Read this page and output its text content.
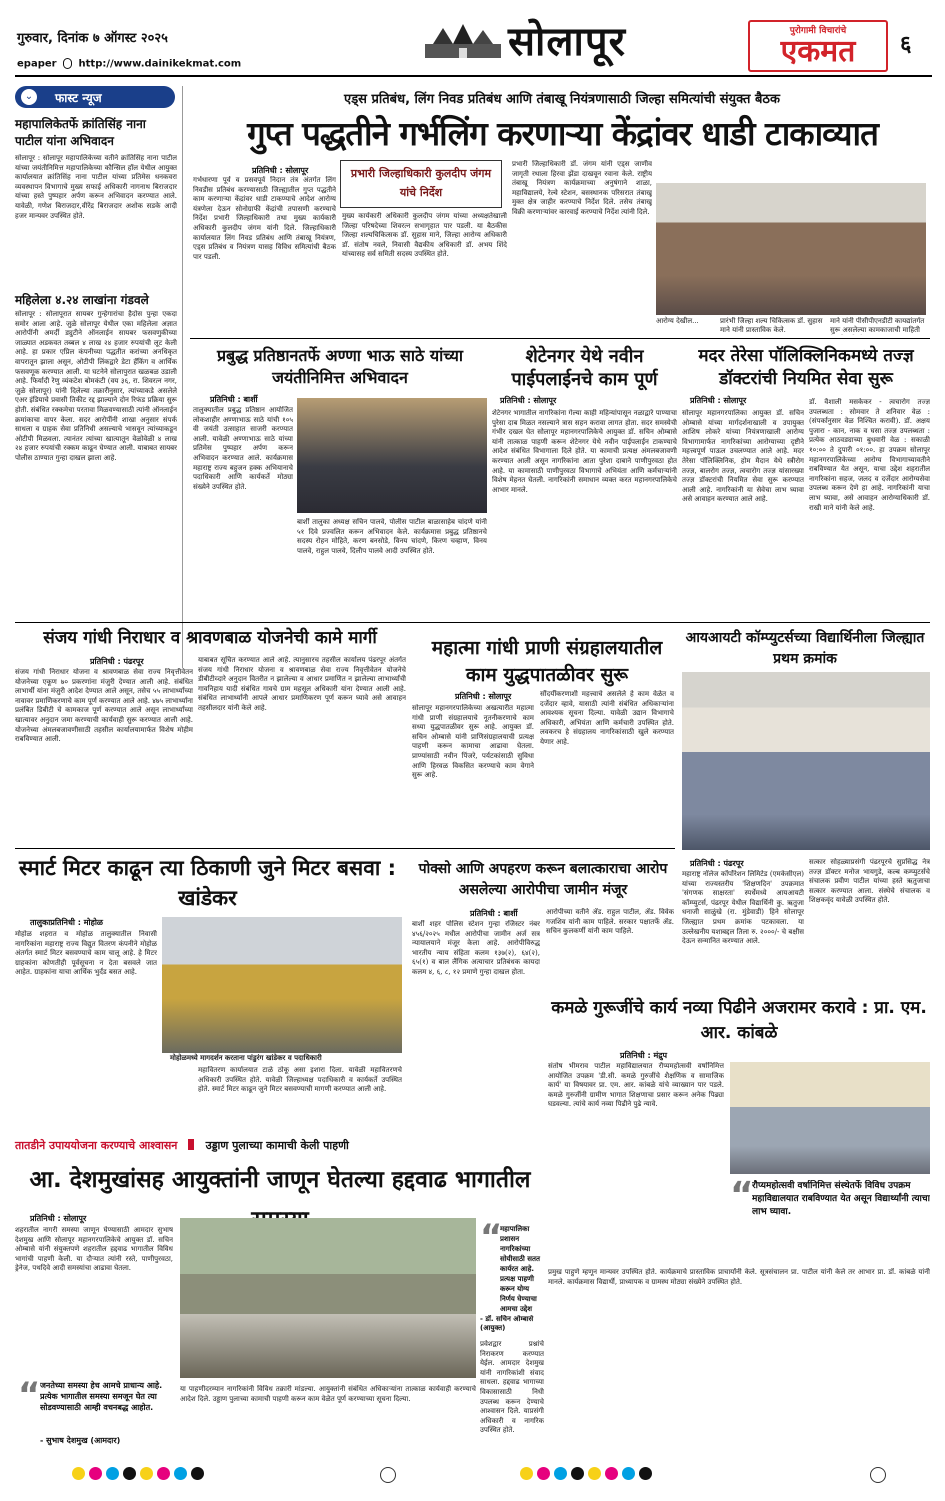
गुरुवार, दिनांक ७ ऑगस्ट २०२५
epaper http://www.dainikekmat.com	सोलापूर	पुरोगामी विचारांचे
एकमत	६
⌄	फास्ट न्यूज
महापालिकेतर्फे क्रांतिसिंह नाना पाटील यांना अभिवादन
सोलापूर : सोलापूर महापालिकेच्या वतीने क्रांतिसिंह नाना पाटील यांच्या जयंतीनिमित्त महापालिकेच्या कौन्सिल हॉल येथील आयुक्त कार्यालयात क्रांतिसिंह नाना पाटील यांच्या प्रतिमेस धनकवरा व्यवस्थापन विभागाचे मुख्य सफाई अधिकारी नागनाथ बिराजदार यांच्या हस्ते पुष्पहार अर्पण करून अभिवादन करण्यात आले. यावेळी, गणेश बिराजदार,वीरेंद्र बिराजदार अशोक सडके आदी हजर मान्यवर उपस्थित होते.
महिलेला ४.२४ लाखांना गंडवले
सोलापूर : सोलापूरात सायबर गुन्हेगारांचा हैदोस पुन्हा एकदा समोर आला आहे. जुळे सोलापूर येथील एका महिलेला अज्ञात आरोपींनी अमर्दी ड्युटीने ऑनलाईन सायबर फसवणुकीच्या जाळ्यात अडकवत तब्बल ४ लाख २४ हजार रुपयांची लूट केली आहे. हा प्रकार एप्रिल कंपनीच्या पद्धतीत करांच्या अनधिकृत वापरातून झाला असून, ओटीपी लिंकद्वारे डेटा हॅकिंग व आर्थिक फसवणूक करण्यात आली. या घटनेने सोलापुरात खळबळ उडाली आहे. फिर्यादी रेणु व्यंकटेश बोमकंटी (वय ३६, रा. शिवरत्न नगर, जुळे सोलापूर) यांनी दिलेल्या तक्रारीनुसार, त्यांच्याकडे असलेले एअर इंडियाचे प्रवासी तिकीट रद्द झाल्याने दोन रिफंड प्रक्रिया सुरू होती. संबंधित रक्कमेचा परतावा मिळवण्यासाठी त्यांनी ऑनलाईन क्रमांकाचा वापर केला. सदर आरोपींनी शाखा अनुसार संपर्क साधला व ग्राहक सेवा प्रतिनिधी असल्याचे भासवून त्यांच्याकडून ओटीपी मिळवला. त्यानंतर त्यांच्या खात्यातून वेळोवेळी ४ लाख २४ हजार रुपयांची रक्कम काढून घेण्यात आली. याबाबत सायबर पोलीस ठाण्यात गुन्हा दाखल झाला आहे.
एड्स प्रतिबंध, लिंग निवड प्रतिबंध आणि तंबाखू नियंत्रणासाठी जिल्हा समित्यांची संयुक्त बैठक
गुप्त पद्धतीने गर्भलिंग करणाऱ्या केंद्रांवर धाडी टाकाव्यात
प्रतिनिधी : सोलापूर	प्रभारी जिल्हाधिकारी कुलदीप जंगम यांचे निर्देश
गर्भधारणा पूर्व व प्रसवपूर्व निदान तंत्र अंतर्गत लिंग निवडीस प्रतिबंध करण्यासाठी जिल्ह्यातील गुप्त पद्धतीने काम करणाऱ्या केंद्रांवर धाडी टाकण्याचे आदेश आरोग्य यंत्रणेला देऊन सोनोग्राफी केंद्रांची तपासणी करण्याचे निर्देश प्रभारी जिल्हाधिकारी तथा मुख्य कार्यकारी अधिकारी कुलदीप जंगम यांनी दिले. जिल्हाधिकारी कार्यालयात लिंग निवड प्रतिबंध आणि तंबाखू नियंत्रण, एड्स प्रतिबंध व नियंत्रण यासह विविध समित्यांची बैठक पार पडली.
मुख्य कार्यकारी अधिकारी कुलदीप जंगम यांच्या अध्यक्षतेखाली जिल्हा परिषदेच्या शिवरत्न सभागृहात पार पडली. या बैठकीस जिल्हा शल्यचिकित्सक डॉ. सुहास माने, जिल्हा आरोग्य अधिकारी डॉ. संतोष नवले, निवासी वैद्यकीय अधिकारी डॉ. अभय शिंदे यांच्यासह सर्व समिती सदस्य उपस्थित होते.
प्रभारी जिल्हाधिकारी डॉ. जंगम यांनी एड्स जाणीव जागृती रथाला हिरवा झेंडा दाखवून रवाना केले. राष्ट्रीय तंबाखू नियंत्रण कार्यक्रमाच्या अनुषंगाने शाळा, महाविद्यालये, रेल्वे स्टेशन, बसस्थानक परिसरात तंबाखू मुक्त क्षेत्र जाहीर करण्याचे निर्देश दिले. तसेच तंबाखू विक्री करणाऱ्यांवर कारवाई करण्याचे निर्देश त्यांनी दिले.
आरोग्य देखील...	प्रारंभी जिल्हा शल्य चिकित्सक डॉ. सुहास माने यांनी प्रास्ताविक केले.
माने यांनी पीसीपीएनडीटी कायद्यांतर्गत सुरू असलेल्या कामकाजाची माहिती
प्रबुद्ध प्रतिष्ठानतर्फे अण्णा भाऊ साठे यांच्या जयंतीनिमित्त अभिवादन
प्रतिनिधी : बार्शी
तालुक्यातील प्रबुद्ध प्रतिष्ठान आयोजित लोकशाहीर अण्णाभाऊ साठे यांची १०५ वी जयंती उत्साहात साजरी करण्यात आली. यावेळी अण्णाभाऊ साठे यांच्या प्रतिमेस पुष्पहार अर्पण करून अभिवादन करण्यात आले. कार्यक्रमास महाराष्ट्र राज्य बहुजन हक्क अभियानाचे पदाधिकारी आणि कार्यकर्ते मोठ्या संख्येने उपस्थित होते.
बार्शी तालुका अध्यक्ष सचिन पालवे, पोलीस पाटील बाळासाहेब चांदणे यांनी ५१ दिवे प्रज्वलित करून अभिवादन केले. कार्यक्रमास प्रबुद्ध प्रतिष्ठानचे सदस्य रोहन मोहिते, करण बनसोडे, विनय चांदणे, किरण चव्हाण, विनय पालवे, राहुल पालवे, दिलीप पालवे आदी उपस्थित होते.
शेटेनगर येथे नवीन पाईपलाईनचे काम पूर्ण
प्रतिनिधी : सोलापूर
शेटेनगर भागातील नागरिकांना गेल्या काही महिन्यांपासून नळाद्वारे पाण्याचा पुरेसा दाब मिळत नसल्याने त्रास सहन करावा लागत होता. सदर समस्येची गंभीर दखल घेत सोलापूर महानगरपालिकेचे आयुक्त डॉ. सचिन ओम्बासे यांनी तात्काळ पाहणी करून शेटेनगर येथे नवीन पाईपलाईन टाकण्याचे आदेश संबंधित विभागाला दिले होते. या कामाची प्रत्यक्ष अंमलबजावणी करण्यात आली असून नागरिकांना आता पुरेशा दाबाने पाणीपुरवठा होत आहे. या कामासाठी पाणीपुरवठा विभागाचे अभियंता आणि कर्मचाऱ्यांनी विशेष मेहनत घेतली. नागरिकांनी समाधान व्यक्त करत महानगरपालिकेचे आभार मानले.
मदर तेरेसा पॉलिक्लिनिकमध्ये तज्ज्ञ डॉक्टरांची नियमित सेवा सुरू
प्रतिनिधी : सोलापूर
सोलापूर महानगरपालिका आयुक्त डॉ. सचिन ओम्बासे यांच्या मार्गदर्शनाखाली व उपायुक्त आशिष लोकरे यांच्या नियंत्रणाखाली आरोग्य विभागामार्फत नागरिकांच्या आरोग्याच्या दृष्टीने महत्त्वपूर्ण पाऊल उचलण्यात आले आहे. मदर तेरेसा पॉलिक्लिनिक, होम मैदान येथे स्त्रीरोग तज्ज्ञ, बालरोग तज्ज्ञ, त्वचारोग तज्ज्ञ यांसारख्या तज्ज्ञ डॉक्टरांची नियमित सेवा सुरू करण्यात आली आहे. नागरिकांनी या सेवेचा लाभ घ्यावा असे आवाहन करण्यात आले आहे.
डॉ. वैशाली मसकेकर - त्वचारोग तज्ज्ञ उपलब्धता : सोमवार ते शनिवार वेळ : (संपर्कानुसार वेळ निश्चित करावी). डॉ. अक्षय पुजारा - कान, नाक व घसा तज्ज्ञ उपलब्धता : प्रत्येक आठवड्याच्या बुधवारी वेळ : सकाळी १०:०० ते दुपारी ०१:००. हा उपक्रम सोलापूर महानगरपालिकेच्या आरोग्य विभागाच्यावतीने राबविण्यात येत असून, याचा उद्देश शहरातील नागरिकांना सहज, जलद व दर्जेदार आरोग्यसेवा उपलब्ध करून देणे हा आहे. नागरिकांनी याचा लाभ घ्यावा, असे आवाहन आरोग्याधिकारी डॉ. राखी माने यांनी केले आहे.
संजय गांधी निराधार व श्रावणबाळ योजनेची कामे मार्गी
प्रतिनिधी : पंढरपूर
संजय गांधी निराधार योजना व श्रावणबाळ सेवा राज्य निवृत्तीवेतन योजनेच्या एकूण ७० प्रकरणांना मंजुरी देण्यात आली आहे. संबंधित लाभार्थी यांना मंजुरी आदेश देण्यात आले असून, तसेच ५५ लाभार्थ्यांच्या नावावर प्रमाणिकरणाचे काम पूर्ण करण्यात आले आहे. ४७५ लाभार्थ्यांना प्रलंबित डिबीटी चे कामकाज पूर्ण करण्यात आले असून लाभार्थ्यांच्या खात्यावर अनुदान जमा करण्याची कार्यवाही सुरू करण्यात आली आहे. योजनेच्या अंमलबजावणीसाठी तहसील कार्यालयामार्फत विशेष मोहीम राबविण्यात आली.
याबाबत सूचित करण्यात आले आहे. त्यानुसारच तहसील कार्यालय पंढरपूर अंतर्गत संजय गांधी निराधार योजना व श्रावणबाळ सेवा राज्य निवृत्तीवेतन योजनेचे डीबीटीव्दारे अनुदान वितरीत न झालेल्या व आधार प्रमाणित न झालेल्या लाभार्थ्यांची गावनिहाय यादी संबंधित गावचे ग्राम महसूल अधिकारी यांना देण्यात आली आहे. संबंधित लाभार्थ्यांनी आपले आधार प्रमाणिकरण पूर्ण करून घ्यावे असे आवाहन तहसीलदार यांनी केले आहे.
महात्मा गांधी प्राणी संग्रहालयातील काम युद्धपातळीवर सुरू
प्रतिनिधी : सोलापूर
सोलापूर महानगरपालिकेच्या अखत्यारीत महात्मा गांधी प्राणी संग्रहालयाचे नूतनीकरणाचे काम सध्या युद्धपातळीवर सुरू आहे. आयुक्त डॉ. सचिन ओम्बासे यांनी प्राणिसंग्रहालयाची प्रत्यक्ष पाहणी करून कामाचा आढावा घेतला. प्राण्यांसाठी नवीन पिंजरे, पर्यटकांसाठी सुविधा आणि हिरवळ विकसित करण्याचे काम वेगाने सुरू आहे.
सौंदर्यीकरणाशी महत्त्वाचे असलेले हे काम वेळेत व दर्जेदार व्हावे, यासाठी त्यांनी संबंधित अधिकाऱ्यांना आवश्यक सूचना दिल्या. यावेळी उद्यान विभागाचे अधिकारी, अभियंता आणि कर्मचारी उपस्थित होते. लवकरच हे संग्रहालय नागरिकांसाठी खुले करण्यात येणार आहे.
आयआयटी कॉम्प्युटर्सच्या विद्यार्थिनीला जिल्ह्यात प्रथम क्रमांक
प्रतिनिधी : पंढरपूर
महाराष्ट्र नॉलेज कॉर्पोरेशन लिमिटेड (एमकेसीएल) यांच्या राज्यस्तरीय 'शिक्षणदिन' उपक्रमात 'संगणक साक्षरता' स्पर्धेमध्ये आयआयटी कॉम्प्युटर्स, पंढरपूर येथील विद्यार्थिनी कु. ऋतुजा धनाजी साळुंखे (रा. मुंडेवाडी) हिने सोलापूर जिल्ह्यात प्रथम क्रमांक पटकावला. या उल्लेखनीय यशाबद्दल तिला रु. २०००/- चे बक्षीस देऊन सन्मानित करण्यात आले.
सत्कार सोहळ्याप्रसंगी पंढरपूरचे सुप्रसिद्ध नेत्र तज्ज्ञ डॉक्टर मनोज भायगुडे, कल्ब कम्प्युटर्सचे संचालक प्रवीण पाटील यांच्या हस्ते ऋतुजाचा सत्कार करण्यात आला. संस्थेचे संचालक व शिक्षकवृंद यावेळी उपस्थित होते.
स्मार्ट मिटर काढून त्या ठिकाणी जुने मिटर बसवा : खांडेकर
तालुकाप्रतिनिधी : मोहोळ
मोहोळ शहरात व मोहोळ तालुक्यातील निवासी नागरिकांना महाराष्ट्र राज्य विद्युत वितरण कंपनीने मोहोळ अंतर्गत स्मार्ट मिटर बसवण्याचे काम चालू आहे. हे मिटर ग्राहकांना कोणतीही पूर्वसूचना न देता बसवले जात आहेत. ग्राहकांना याचा आर्थिक भुर्दंड बसत आहे.
मोहोळमध्ये मागदर्शन करताना पांडुरंग खांडेकर व पदाधिकारी
महावितरण कार्यालयात टाळे ठोकू असा इशारा दिला. यावेळी महावितरणचे अधिकारी उपस्थित होते. यावेळी जिल्हाध्यक्ष पदाधिकारी व कार्यकर्ते उपस्थित होते. स्मार्ट मिटर काढून जुने मिटर बसवण्याची मागणी करण्यात आली आहे.
पोक्सो आणि अपहरण करून बलात्काराचा आरोप असलेल्या आरोपीचा जामीन मंजूर
प्रतिनिधी : बार्शी
बार्शी शहर पोलिस स्टेशन गुन्हा रजिस्टर नंबर ४५६/२०२५ मधील आरोपीचा जामीन अर्ज सत्र न्यायालयाने मंजूर केला आहे. आरोपीविरुद्ध भारतीय न्याय संहिता कलम १३७(२), ६४(२), ६५(१) व बाल लैंगिक अत्याचार प्रतिबंधक कायदा कलम ४, ६, ८, १२ प्रमाणे गुन्हा दाखल होता.
आरोपीच्या वतीने ॲड. राहुल पाटील, ॲड. विवेक गजशिव यांनी काम पाहिले. सरकार पक्षातर्फे ॲड. सचिन कुलकर्णी यांनी काम पाहिले.
कमळे गुरूजींचे कार्य नव्या पिढीने अजरामर करावे : प्रा. एम. आर. कांबळे
प्रतिनिधी : मंद्रुप
संतोष भीमराव पाटील महाविद्यालयात रौप्यमहोत्सवी वर्षानिमित्त आयोजित उपक्रम 'डी.सी. कमळे गुरुजींचे शैक्षणिक व सामाजिक कार्य' या विषयावर प्रा. एम. आर. कांबळे यांचे व्याख्यान पार पडले. कमळे गुरुजींनी ग्रामीण भागात शिक्षणाचा प्रसार करून अनेक पिढ्या घडवल्या. त्यांचे कार्य नव्या पिढीने पुढे न्यावे.
“
रौप्यमहोत्सवी वर्षानिमित्त संस्थेतर्फे विविध उपक्रम महाविद्यालयात राबविण्यात येत असून विद्यार्थ्यांनी त्याचा लाभ घ्यावा.
तातडीने उपाययोजना करण्याचे आश्वासन	उड्डाण पुलाच्या कामाची केली पाहणी
आ. देशमुखांसह आयुक्तांनी जाणून घेतल्या हद्दवाढ भागातील
प्रतिनिधी : सोलापूर
शहरातील नागरी समस्या जाणून घेण्यासाठी आमदार सुभाष देशमुख आणि सोलापूर महानगरपालिकेचे आयुक्त डॉ. सचिन ओम्बासे यांनी संयुक्तपणे शहरातील हद्दवाढ भागातील विविध भागांची पाहणी केली. या दौऱ्यात त्यांनी रस्ते, पाणीपुरवठा, ड्रेनेज, पथदिवे आदी समस्यांचा आढावा घेतला.
“ जनतेच्या समस्या हेच आमचे प्राधान्य आहे. प्रत्येक भागातील समस्या समजून घेत त्या सोडवण्यासाठी आम्ही वचनबद्ध आहोत.
- सुभाष देशमुख (आमदार)
“
महापालिका प्रशासन नागरिकांच्या सोयीसाठी सतत कार्यरत आहे. प्रत्यक्ष पाहणी करून योग्य निर्णय घेण्याचा आमचा उद्देश
- डॉ. सचिन ओम्बासे (आयुक्त)
या पाहणीदरम्यान नागरिकांनी विविध तक्रारी मांडल्या. आयुक्तांनी संबंधित अधिकाऱ्यांना तात्काळ कार्यवाही करण्याचे आदेश दिले. उड्डाण पुलाच्या कामाची पाहणी करून काम वेळेत पूर्ण करण्याच्या सूचना दिल्या.
प्रवेशद्वार प्रश्नांचे निराकरण करण्यात येईल. आमदार देशमुख यांनी नागरिकांशी संवाद साधला. हद्दवाढ भागाच्या विकासासाठी निधी उपलब्ध करून देण्याचे आश्वासन दिले. याप्रसंगी अधिकारी व नागरिक उपस्थित होते.
प्रमुख पाहुणे म्हणून मान्यवर उपस्थित होते. कार्यक्रमाचे प्रास्ताविक प्राचार्यांनी केले. सूत्रसंचालन प्रा. पाटील यांनी केले तर आभार प्रा. डॉ. कांबळे यांनी मानले. कार्यक्रमास विद्यार्थी, प्राध्यापक व ग्रामस्थ मोठ्या संख्येने उपस्थित होते.
